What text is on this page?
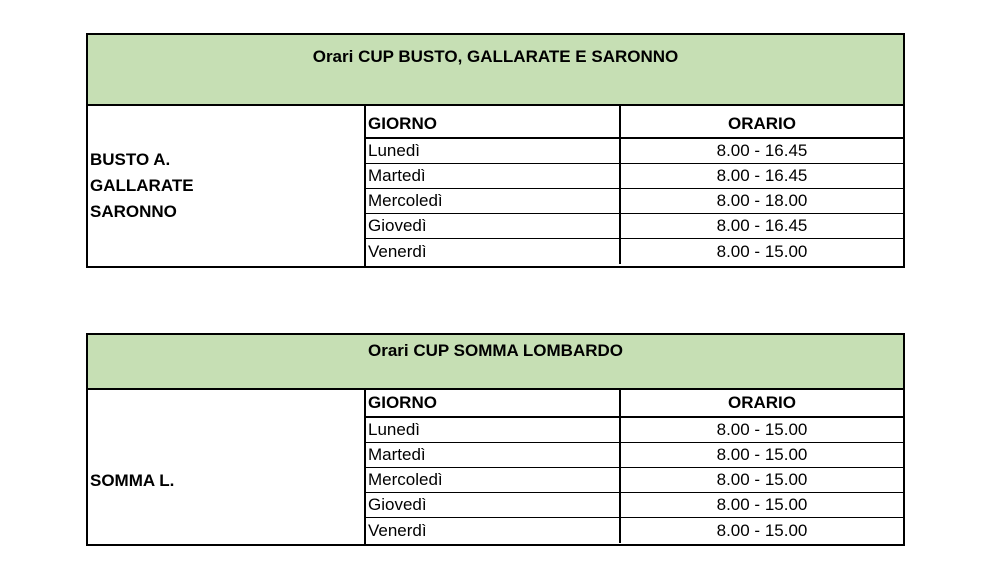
Orari CUP BUSTO, GALLARATE E SARONNO
BUSTO A.
GALLARATE
SARONNO
GIORNO	ORARIO
Lunedì	8.00 - 16.45
Martedì	8.00 - 16.45
Mercoledì	8.00 - 18.00
Giovedì	8.00 - 16.45
Venerdì	8.00 - 15.00
Orari CUP SOMMA LOMBARDO
SOMMA L.
GIORNO	ORARIO
Lunedì	8.00 - 15.00
Martedì	8.00 - 15.00
Mercoledì	8.00 - 15.00
Giovedì	8.00 - 15.00
Venerdì	8.00 - 15.00
